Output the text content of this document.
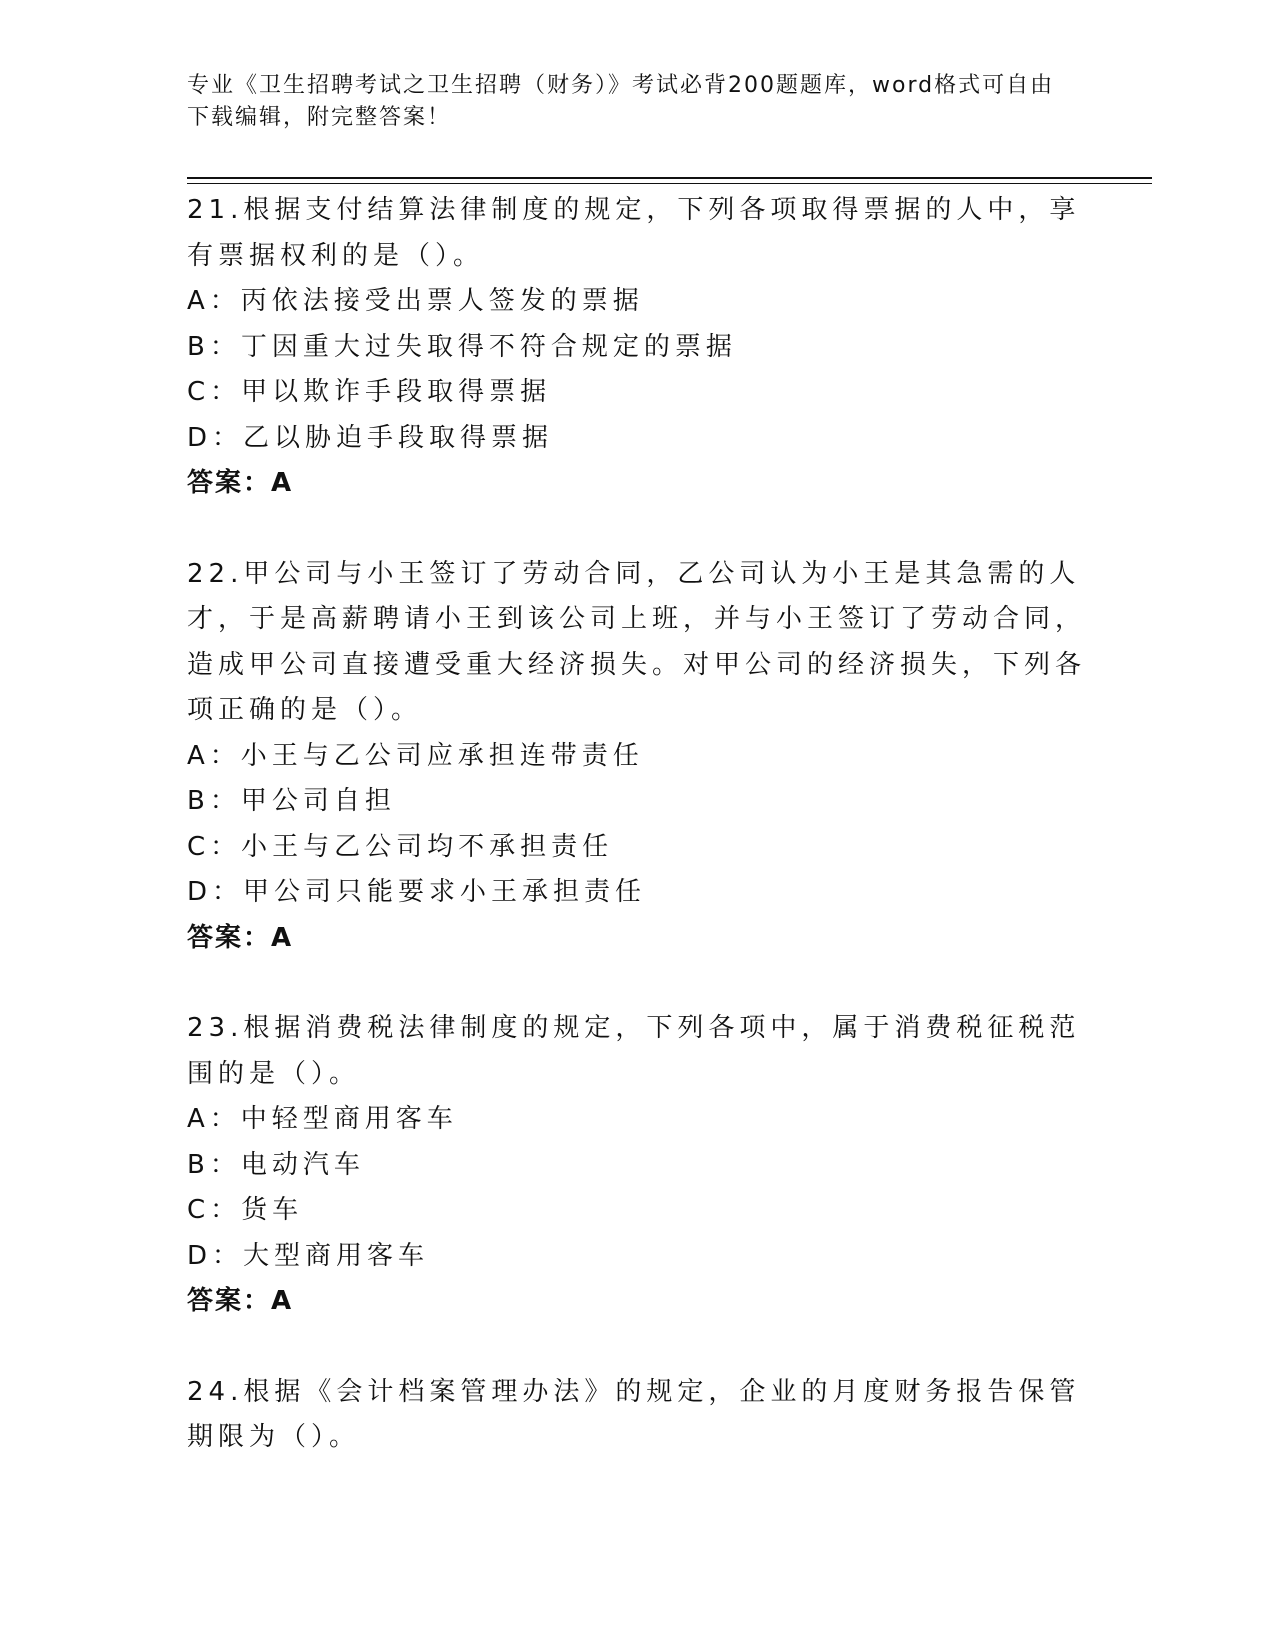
专业《卫生招聘考试之卫生招聘（财务）》考试必背200题题库，word格式可自由下载编辑，附完整答案！
21.根据支付结算法律制度的规定，下列各项取得票据的人中，享有票据权利的是（）。
A：丙依法接受出票人签发的票据
B：丁因重大过失取得不符合规定的票据
C：甲以欺诈手段取得票据
D：乙以胁迫手段取得票据
答案：A
22.甲公司与小王签订了劳动合同，乙公司认为小王是其急需的人才，于是高薪聘请小王到该公司上班，并与小王签订了劳动合同，造成甲公司直接遭受重大经济损失。对甲公司的经济损失，下列各项正确的是（）。
A：小王与乙公司应承担连带责任
B：甲公司自担
C：小王与乙公司均不承担责任
D：甲公司只能要求小王承担责任
答案：A
23.根据消费税法律制度的规定，下列各项中，属于消费税征税范围的是（）。
A：中轻型商用客车
B：电动汽车
C：货车
D：大型商用客车
答案：A
24.根据《会计档案管理办法》的规定，企业的月度财务报告保管期限为（）。
